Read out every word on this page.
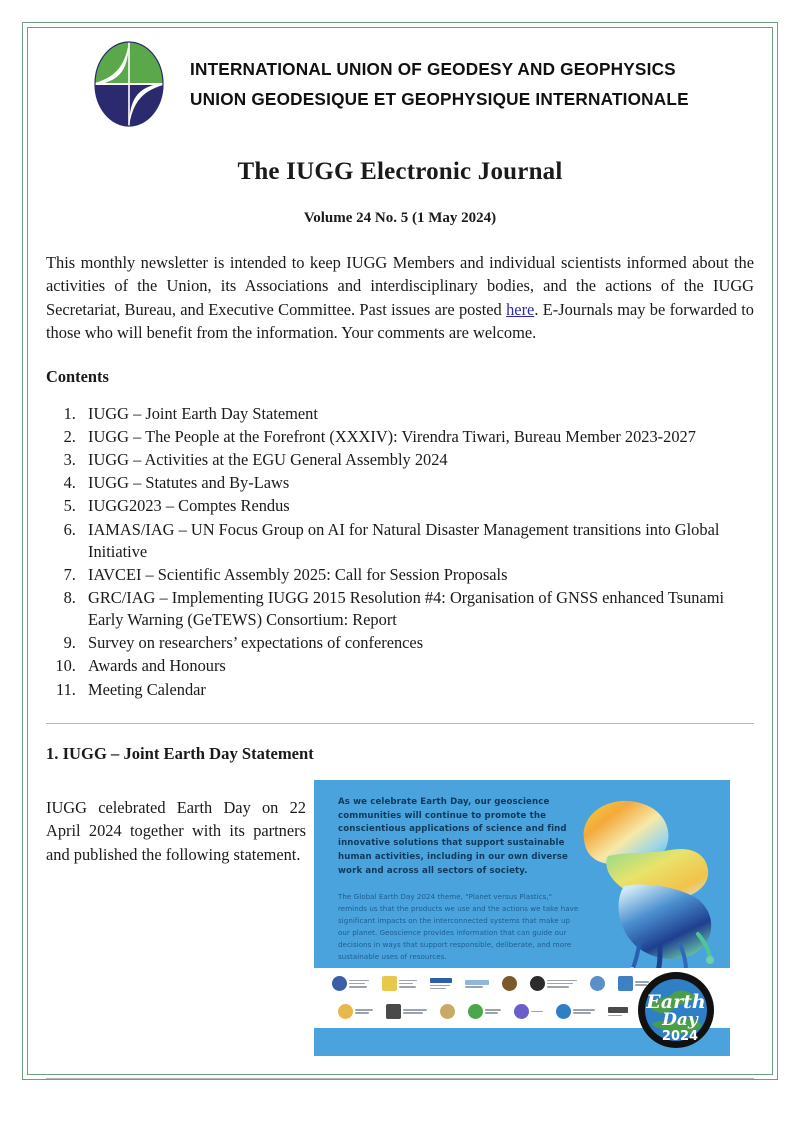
INTERNATIONAL UNION OF GEODESY AND GEOPHYSICS
UNION GEODESIQUE ET GEOPHYSIQUE INTERNATIONALE
The IUGG Electronic Journal
Volume 24 No. 5 (1 May 2024)

This monthly newsletter is intended to keep IUGG Members and individual scientists informed about the activities of the Union, its Associations and interdisciplinary bodies, and the actions of the IUGG Secretariat, Bureau, and Executive Committee. Past issues are posted here. E-Journals may be forwarded to those who will benefit from the information. Your comments are welcome.

Contents
1. IUGG – Joint Earth Day Statement
2. IUGG – The People at the Forefront (XXXIV): Virendra Tiwari, Bureau Member 2023-2027
3. IUGG – Activities at the EGU General Assembly 2024
4. IUGG – Statutes and By-Laws
5. IUGG2023 – Comptes Rendus
6. IAMAS/IAG – UN Focus Group on AI for Natural Disaster Management transitions into Global Initiative
7. IAVCEI – Scientific Assembly 2025: Call for Session Proposals
8. GRC/IAG – Implementing IUGG 2015 Resolution #4: Organisation of GNSS enhanced Tsunami Early Warning (GeTEWS) Consortium: Report
9. Survey on researchers’ expectations of conferences
10. Awards and Honours
11. Meeting Calendar
1. IUGG – Joint Earth Day Statement

IUGG celebrated Earth Day on 22 April 2024 together with its partners and published the following statement.

As we celebrate Earth Day, our geoscience communities will continue to promote the conscientious applications of science and find innovative solutions that support sustainable human activities, including in our own diverse work and across all sectors of society.
The Global Earth Day 2024 theme, "Planet versus Plastics," reminds us that the products we use and the actions we take have significant impacts on the interconnected systems that make up our planet. Geoscience provides information that can guide our decisions in ways that support responsible, deliberate, and more sustainable uses of resources.
Earth
Day
2024
